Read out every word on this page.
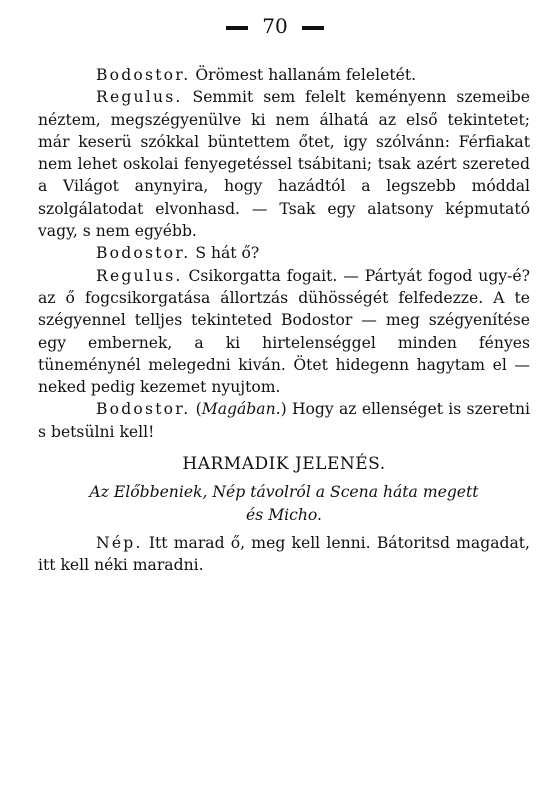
70

Bodostor. Örömest hallanám feleletét.

Regulus. Semmit sem felelt keményenn szemeibe néztem, megszégyenülve ki nem álhatá az első tekintetet; már keserü szókkal büntettem őtet, igy szólvánn: Férfiakat nem lehet oskolai fenyegetéssel tsábitani; tsak azért szereted a Világot anynyira, hogy hazádtól a legszebb móddal szolgálatodat elvonhasd. — Tsak egy alatsony képmutató vagy, s nem egyébb.

Bodostor. S hát ő?

Regulus. Csikorgatta fogait. — Pártyát fogod ugy-é? az ő fogcsikorgatása állortzás dühösségét felfedezze. A te szégyennel telljes tekinteted Bodostor — meg szégyenítése egy embernek, a ki hirtelenséggel minden fényes tüneménynél melegedni kiván. Ötet hidegenn hagytam el — neked pedig kezemet nyujtom.

Bodostor. (Magában.) Hogy az ellenséget is szeretni s betsülni kell!

HARMADIK JELENÉS.

Az Előbbeniek, Nép távolról a Scena háta megett
és Micho.

Nép. Itt marad ő, meg kell lenni. Bátoritsd magadat, itt kell néki maradni.
